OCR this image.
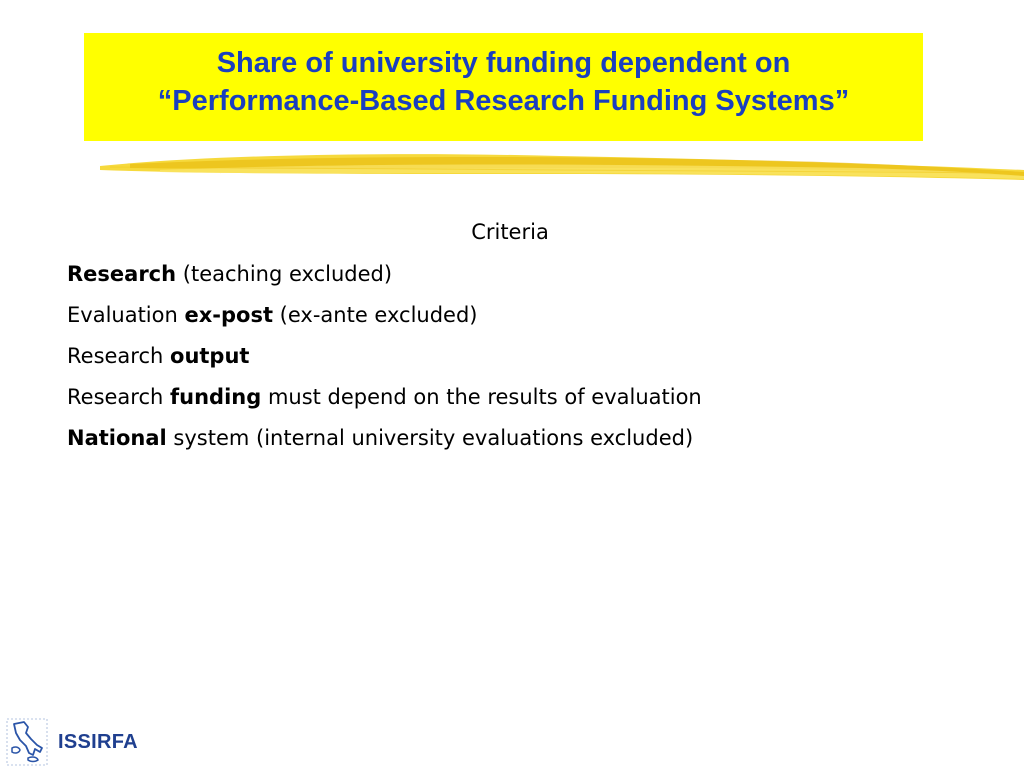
Share of university funding dependent on
“Performance-Based Research Funding Systems”
Criteria
Research (teaching excluded)
Evaluation ex-post (ex-ante excluded)
Research output
Research funding must depend on the results of evaluation
National system (internal university evaluations excluded)
ISSIRFA
